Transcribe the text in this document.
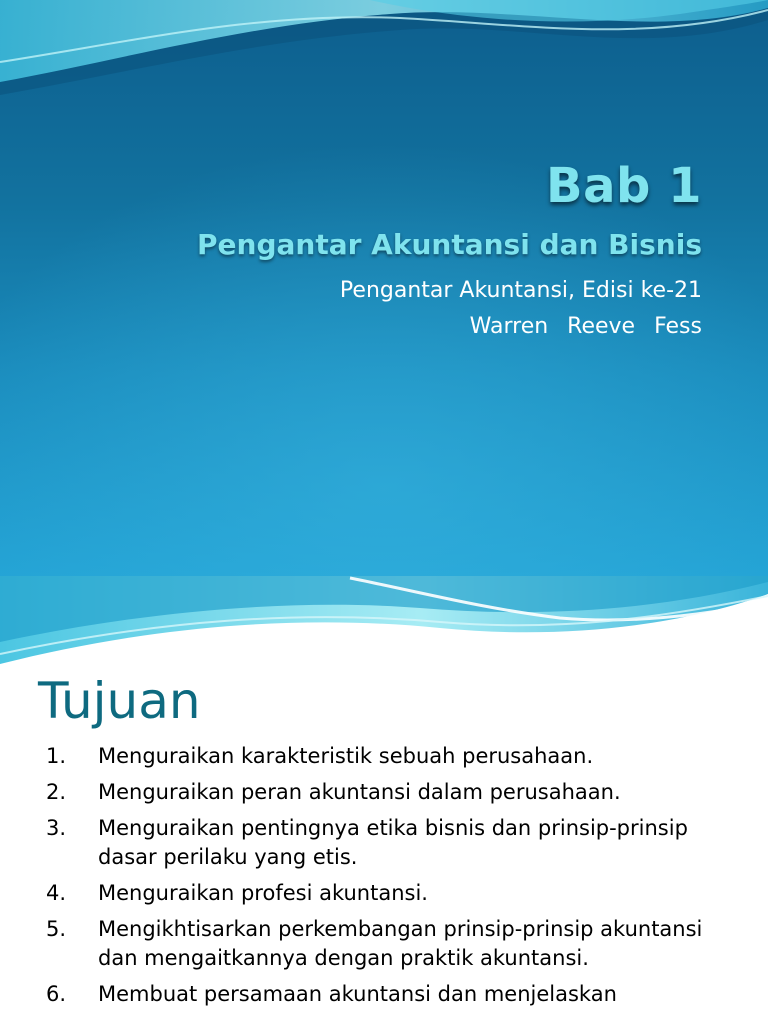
Bab 1
Pengantar Akuntansi dan Bisnis

Pengantar Akuntansi, Edisi ke-21

Warren Reeve Fess

Tujuan
1. Menguraikan karakteristik sebuah perusahaan.
2. Menguraikan peran akuntansi dalam perusahaan.
3. Menguraikan pentingnya etika bisnis dan prinsip-prinsip dasar perilaku yang etis.
4. Menguraikan profesi akuntansi.
5. Mengikhtisarkan perkembangan prinsip-prinsip akuntansi dan mengaitkannya dengan praktik akuntansi.
6. Membuat persamaan akuntansi dan menjelaskan
